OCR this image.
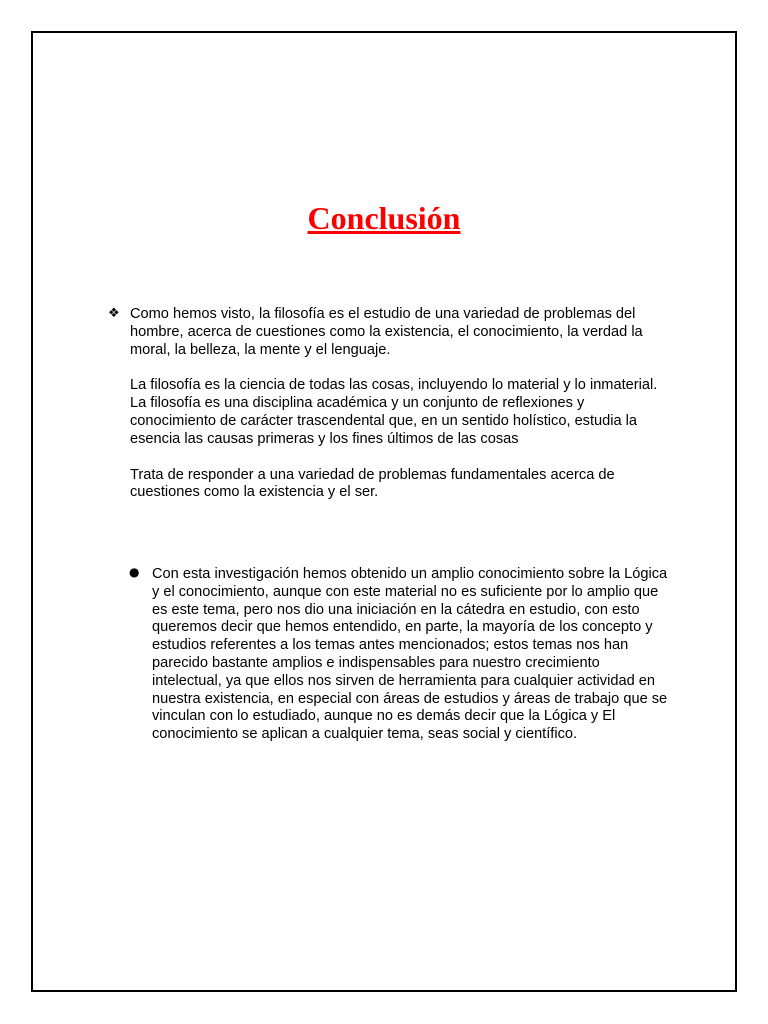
Conclusión
❖ Como hemos visto, la filosofía es el estudio de una variedad de problemas del hombre, acerca de cuestiones como la existencia, el conocimiento, la verdad la moral, la belleza, la mente y el lenguaje.

La filosofía es la ciencia de todas las cosas, incluyendo lo material y lo inmaterial.

La filosofía es una disciplina académica y un conjunto de reflexiones y conocimiento de carácter trascendental que, en un sentido holístico, estudia la esencia las causas primeras y los fines últimos de las cosas

Trata de responder a una variedad de problemas fundamentales acerca de cuestiones como la existencia y el ser.

● Con esta investigación hemos obtenido un amplio conocimiento sobre la Lógica y el conocimiento, aunque con este material no es suficiente por lo amplio que es este tema, pero nos dio una iniciación en la cátedra en estudio, con esto queremos decir que hemos entendido, en parte, la mayoría de los concepto y estudios referentes a los temas antes mencionados; estos temas nos han parecido bastante amplios e indispensables para nuestro crecimiento intelectual, ya que ellos nos sirven de herramienta para cualquier actividad en nuestra existencia, en especial con áreas de estudios y áreas de trabajo que se vinculan con lo estudiado, aunque no es demás decir que la Lógica y El conocimiento se aplican a cualquier tema, seas social y científico.
